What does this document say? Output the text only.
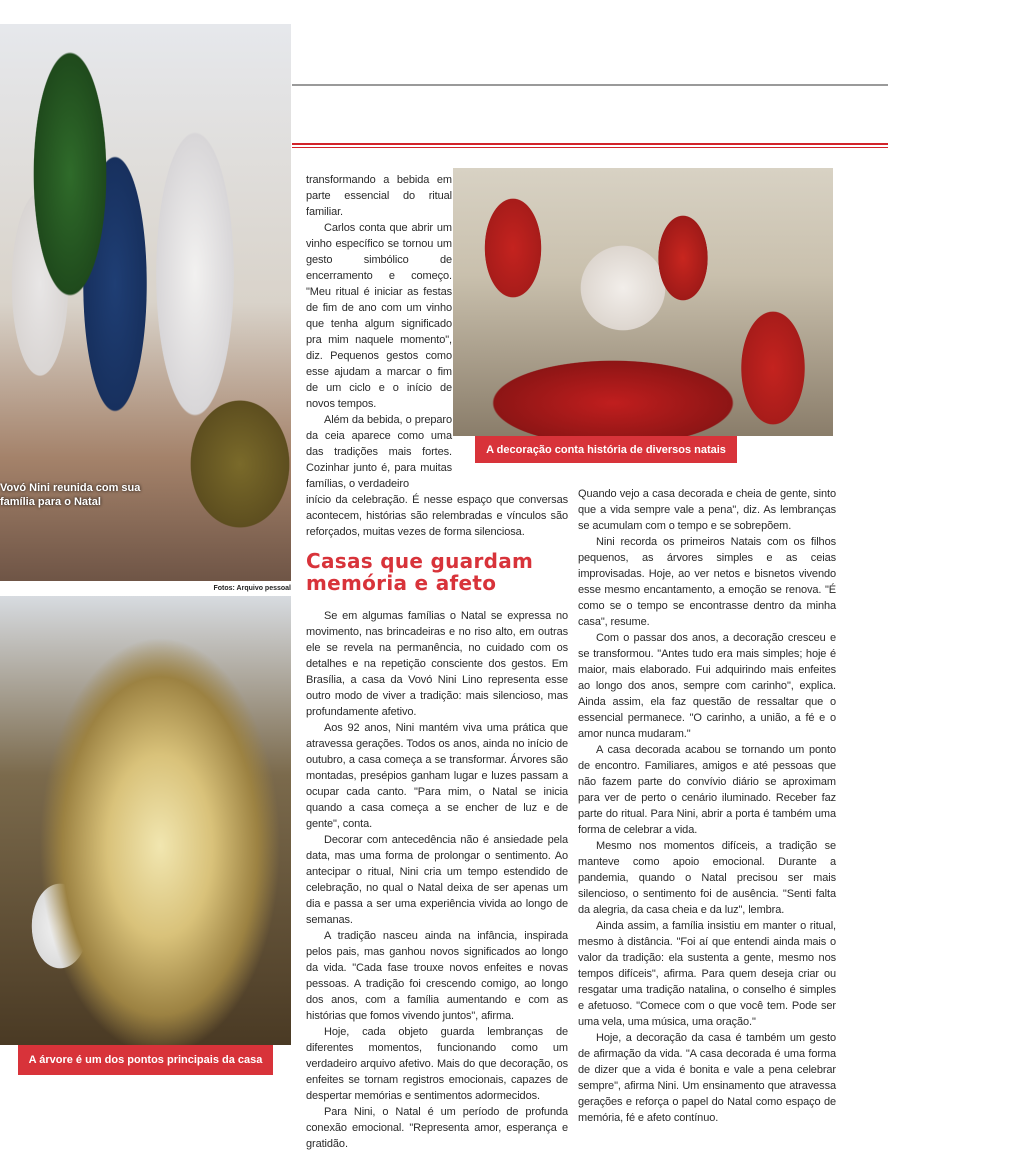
Vovó Nini reunida com sua família para o Natal
Fotos: Arquivo pessoal
A árvore é um dos pontos principais da casa
A decoração conta história de diversos natais

transformando a bebida em parte essencial do ritual familiar.

Carlos conta que abrir um vinho específico se tornou um gesto simbólico de encerramento e começo. "Meu ritual é iniciar as festas de fim de ano com um vinho que tenha algum significado pra mim naquele momento", diz. Pequenos gestos como esse ajudam a marcar o fim de um ciclo e o início de novos tempos.

Além da bebida, o preparo da ceia aparece como uma das tradições mais fortes. Cozinhar junto é, para muitas famílias, o verdadeiro

início da celebração. É nesse espaço que conversas acontecem, histórias são relembradas e vínculos são reforçados, muitas vezes de forma silenciosa.

Casas que guardam memória e afeto

Se em algumas famílias o Natal se expressa no movimento, nas brincadeiras e no riso alto, em outras ele se revela na permanência, no cuidado com os detalhes e na repetição consciente dos gestos. Em Brasília, a casa da Vovó Nini Lino representa esse outro modo de viver a tradição: mais silencioso, mas profundamente afetivo.

Aos 92 anos, Nini mantém viva uma prática que atravessa gerações. Todos os anos, ainda no início de outubro, a casa começa a se transformar. Árvores são montadas, presépios ganham lugar e luzes passam a ocupar cada canto. "Para mim, o Natal se inicia quando a casa começa a se encher de luz e de gente", conta.

Decorar com antecedência não é ansiedade pela data, mas uma forma de prolongar o sentimento. Ao antecipar o ritual, Nini cria um tempo estendido de celebração, no qual o Natal deixa de ser apenas um dia e passa a ser uma experiência vivida ao longo de semanas.

A tradição nasceu ainda na infância, inspirada pelos pais, mas ganhou novos significados ao longo da vida. "Cada fase trouxe novos enfeites e novas pessoas. A tradição foi crescendo comigo, ao longo dos anos, com a família aumentando e com as histórias que fomos vivendo juntos", afirma.

Hoje, cada objeto guarda lembranças de diferentes momentos, funcionando como um verdadeiro arquivo afetivo. Mais do que decoração, os enfeites se tornam registros emocionais, capazes de despertar memórias e sentimentos adormecidos.

Para Nini, o Natal é um período de profunda conexão emocional. "Representa amor, esperança e gratidão.

Quando vejo a casa decorada e cheia de gente, sinto que a vida sempre vale a pena", diz. As lembranças se acumulam com o tempo e se sobrepõem.

Nini recorda os primeiros Natais com os filhos pequenos, as árvores simples e as ceias improvisadas. Hoje, ao ver netos e bisnetos vivendo esse mesmo encantamento, a emoção se renova. "É como se o tempo se encontrasse dentro da minha casa", resume.

Com o passar dos anos, a decoração cresceu e se transformou. "Antes tudo era mais simples; hoje é maior, mais elaborado. Fui adquirindo mais enfeites ao longo dos anos, sempre com carinho", explica. Ainda assim, ela faz questão de ressaltar que o essencial permanece. "O carinho, a união, a fé e o amor nunca mudaram."

A casa decorada acabou se tornando um ponto de encontro. Familiares, amigos e até pessoas que não fazem parte do convívio diário se aproximam para ver de perto o cenário iluminado. Receber faz parte do ritual. Para Nini, abrir a porta é também uma forma de celebrar a vida.

Mesmo nos momentos difíceis, a tradição se manteve como apoio emocional. Durante a pandemia, quando o Natal precisou ser mais silencioso, o sentimento foi de ausência. "Senti falta da alegria, da casa cheia e da luz", lembra.

Ainda assim, a família insistiu em manter o ritual, mesmo à distância. "Foi aí que entendi ainda mais o valor da tradição: ela sustenta a gente, mesmo nos tempos difíceis", afirma. Para quem deseja criar ou resgatar uma tradição natalina, o conselho é simples e afetuoso. "Comece com o que você tem. Pode ser uma vela, uma música, uma oração."

Hoje, a decoração da casa é também um gesto de afirmação da vida. "A casa decorada é uma forma de dizer que a vida é bonita e vale a pena celebrar sempre", afirma Nini. Um ensinamento que atravessa gerações e reforça o papel do Natal como espaço de memória, fé e afeto contínuo.
